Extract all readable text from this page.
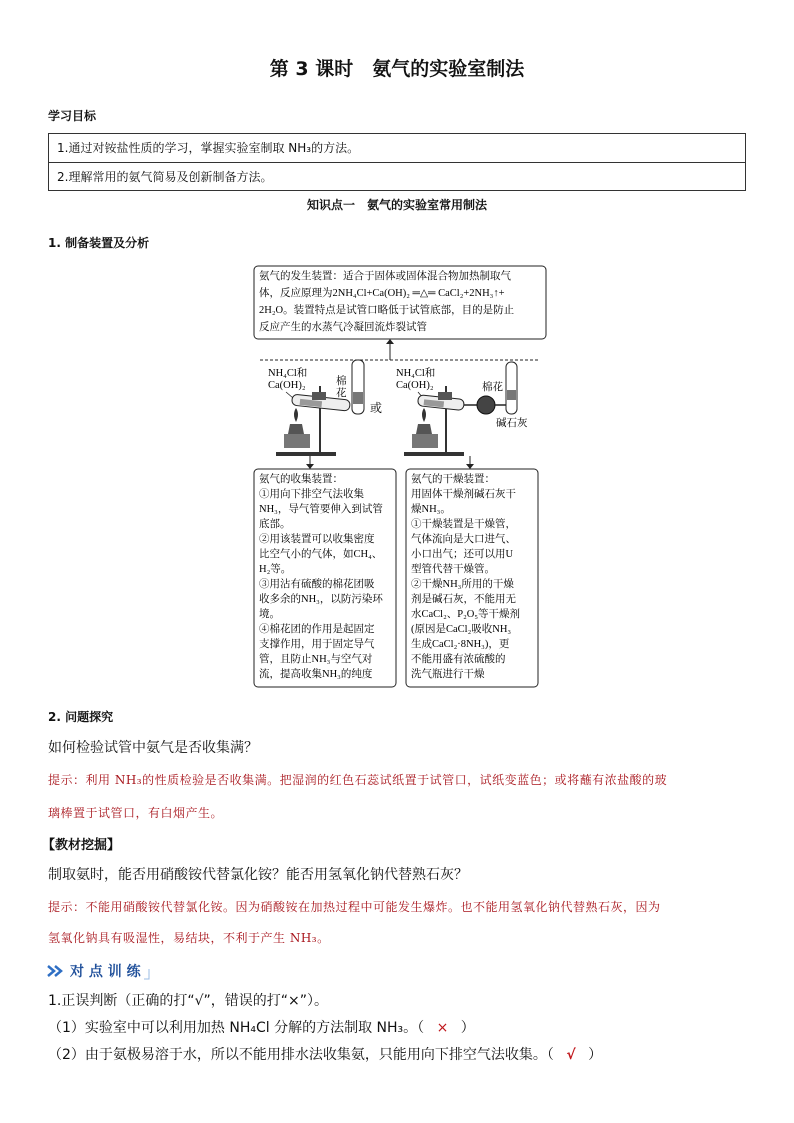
第 3 课时　氨气的实验室制法
学习目标
1.通过对铵盐性质的学习，掌握实验室制取 NH₃的方法。
2.理解常用的氨气简易及创新制备方法。
知识点一　氨气的实验室常用制法
1. 制备装置及分析
氨气的发生装置：适合于固体或固体混合物加热制取气
体，反应原理为2NH₄Cl+Ca(OH)₂ ═△═ CaCl₂+2NH₃↑+
2H₂O。装置特点是试管口略低于试管底部，目的是防止
反应产生的水蒸气冷凝回流炸裂试管
NH₄Cl和
Ca(OH)₂	棉
花
或
NH₄Cl和
Ca(OH)₂	棉花
碱石灰
氨气的收集装置：
①用向下排空气法收集
NH₃，导气管要伸入到试管
底部。
②用该装置可以收集密度
比空气小的气体，如CH₄、
H₂等。
③用沾有硫酸的棉花团吸
收多余的NH₃，以防污染环
境。
④棉花团的作用是起固定
支撑作用，用于固定导气
管，且防止NH₃与空气对
流，提高收集NH₃的纯度
氨气的干燥装置：
用固体干燥剂碱石灰干
燥NH₃。
①干燥装置是干燥管，
气体流向是大口进气、
小口出气；还可以用U
型管代替干燥管。
②干燥NH₃所用的干燥
剂是碱石灰，不能用无
水CaCl₂、P₂O₅等干燥剂
(原因是CaCl₂吸收NH₃
生成CaCl₂·8NH₃)，更
不能用盛有浓硫酸的
洗气瓶进行干燥
2. 问题探究
如何检验试管中氨气是否收集满？
提示：利用 NH₃的性质检验是否收集满。把湿润的红色石蕊试纸置于试管口，试纸变蓝色；或将蘸有浓盐酸的玻
璃棒置于试管口，有白烟产生。
【教材挖掘】
制取氨时，能否用硝酸铵代替氯化铵？能否用氢氧化钠代替熟石灰？
提示：不能用硝酸铵代替氯化铵。因为硝酸铵在加热过程中可能发生爆炸。也不能用氢氧化钠代替熟石灰，因为
氢氧化钠具有吸湿性，易结块，不利于产生 NH₃。
对 点 训 练
1.正误判断（正确的打“√”，错误的打“×”）。
（1）实验室中可以利用加热 NH₄Cl 分解的方法制取 NH₃。（ × ）
（2）由于氨极易溶于水，所以不能用排水法收集氨，只能用向下排空气法收集。（ √ ）
